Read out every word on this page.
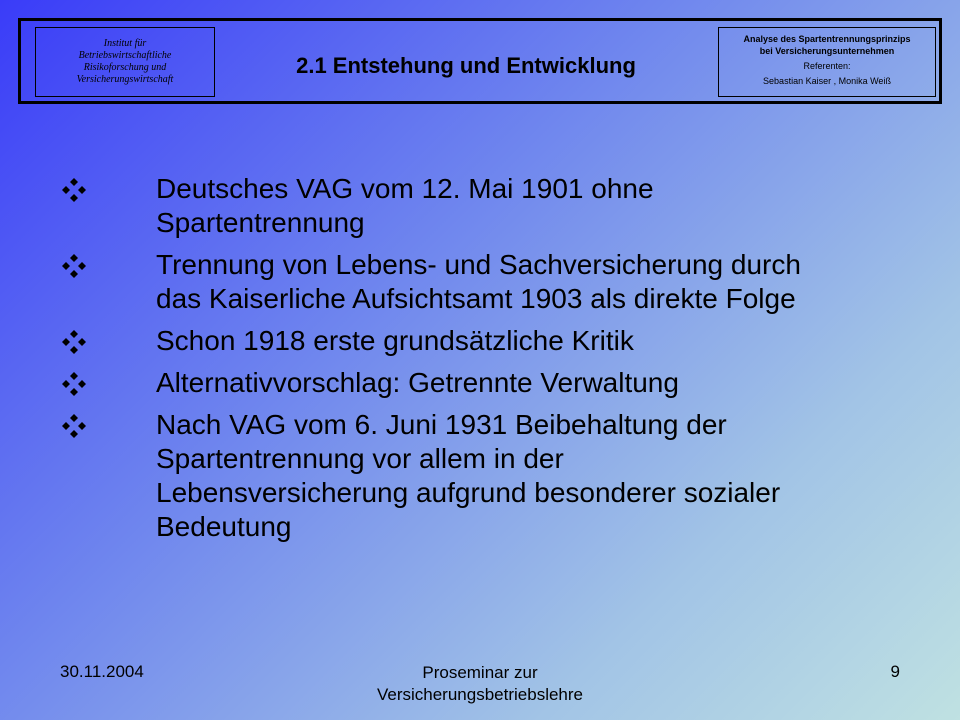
Institut für
Betriebswirtschaftliche
Risikoforschung und
Versicherungswirtschaft
2.1 Entstehung und Entwicklung
Analyse des Spartentrennungsprinzips
bei Versicherungsunternehmen
Referenten:
Sebastian Kaiser , Monika Weiß
Deutsches VAG vom 12. Mai 1901 ohne
Spartentrennung
Trennung von Lebens- und Sachversicherung durch
das Kaiserliche Aufsichtsamt 1903 als direkte Folge
Schon 1918 erste grundsätzliche Kritik
Alternativvorschlag: Getrennte Verwaltung
Nach VAG vom 6. Juni 1931 Beibehaltung der
Spartentrennung vor allem in der
Lebensversicherung aufgrund besonderer sozialer
Bedeutung
30.11.2004	Proseminar zur
Versicherungsbetriebslehre
9
